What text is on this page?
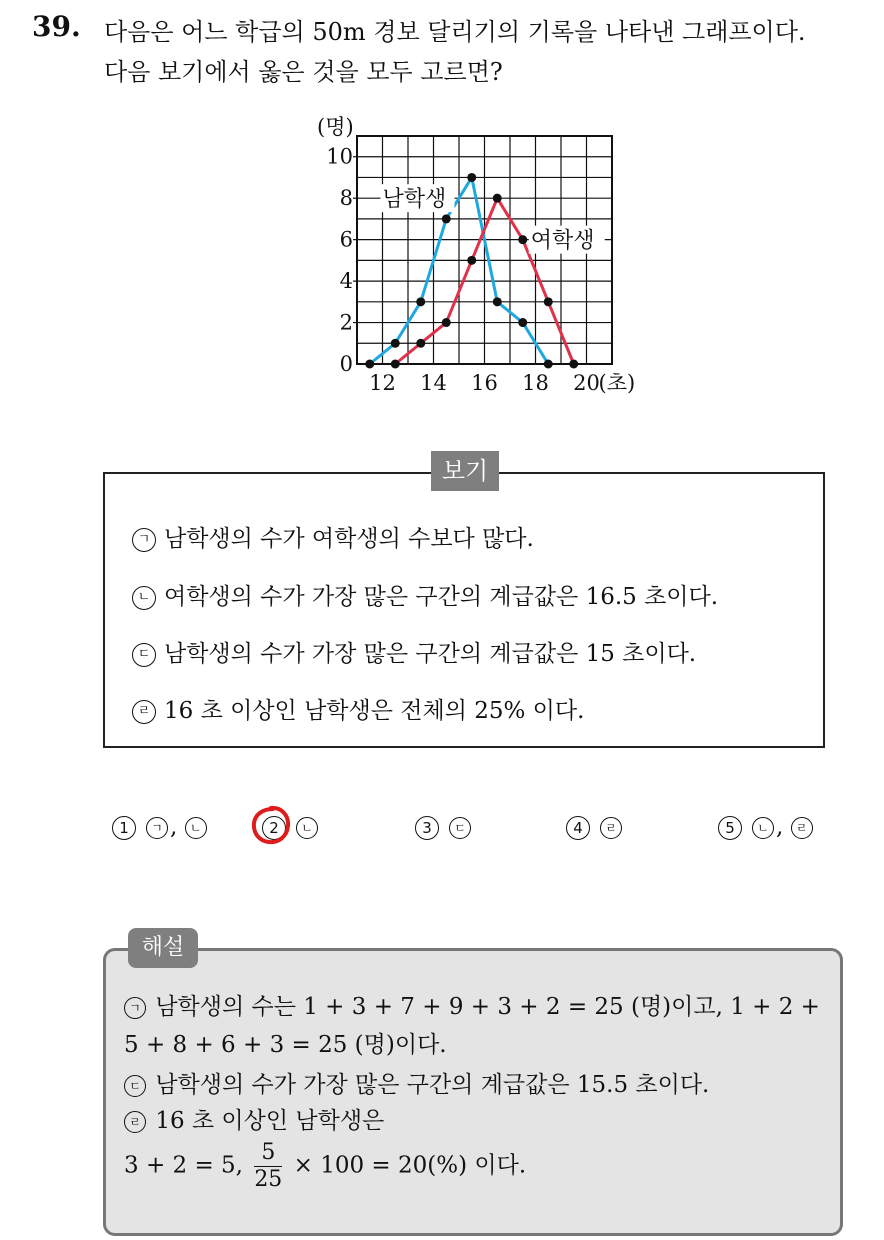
39. 다음은 어느 학급의 50m 경보 달리기의 기록을 나타낸 그래프이다.
다음 보기에서 옳은 것을 모두 고르면?
0
2
4
6
8
10
12 14 16 18 20
(명)
(초)
남학생
여학생
보기
ㄱ 남학생의 수가 여학생의 수보다 많다.
ㄴ 여학생의 수가 가장 많은 구간의 계급값은 16.5 초이다.
ㄷ 남학생의 수가 가장 많은 구간의 계급값은 15 초이다.
ㄹ 16 초 이상인 남학생은 전체의 25% 이다.
1 ㄱ , ㄴ	2 ㄴ	3 ㄷ	4 ㄹ	5 ㄴ , ㄹ
해설
ㄱ 남학생의 수는 1 + 3 + 7 + 9 + 3 + 2 = 25 (명)이고, 1 + 2 +
5 + 8 + 6 + 3 = 25 (명)이다.
ㄷ 남학생의 수가 가장 많은 구간의 계급값은 15.5 초이다.
ㄹ 16 초 이상인 남학생은
3 + 2 = 5, $\frac{5}{25} \times 100 = 20(\%)$ 이다.
